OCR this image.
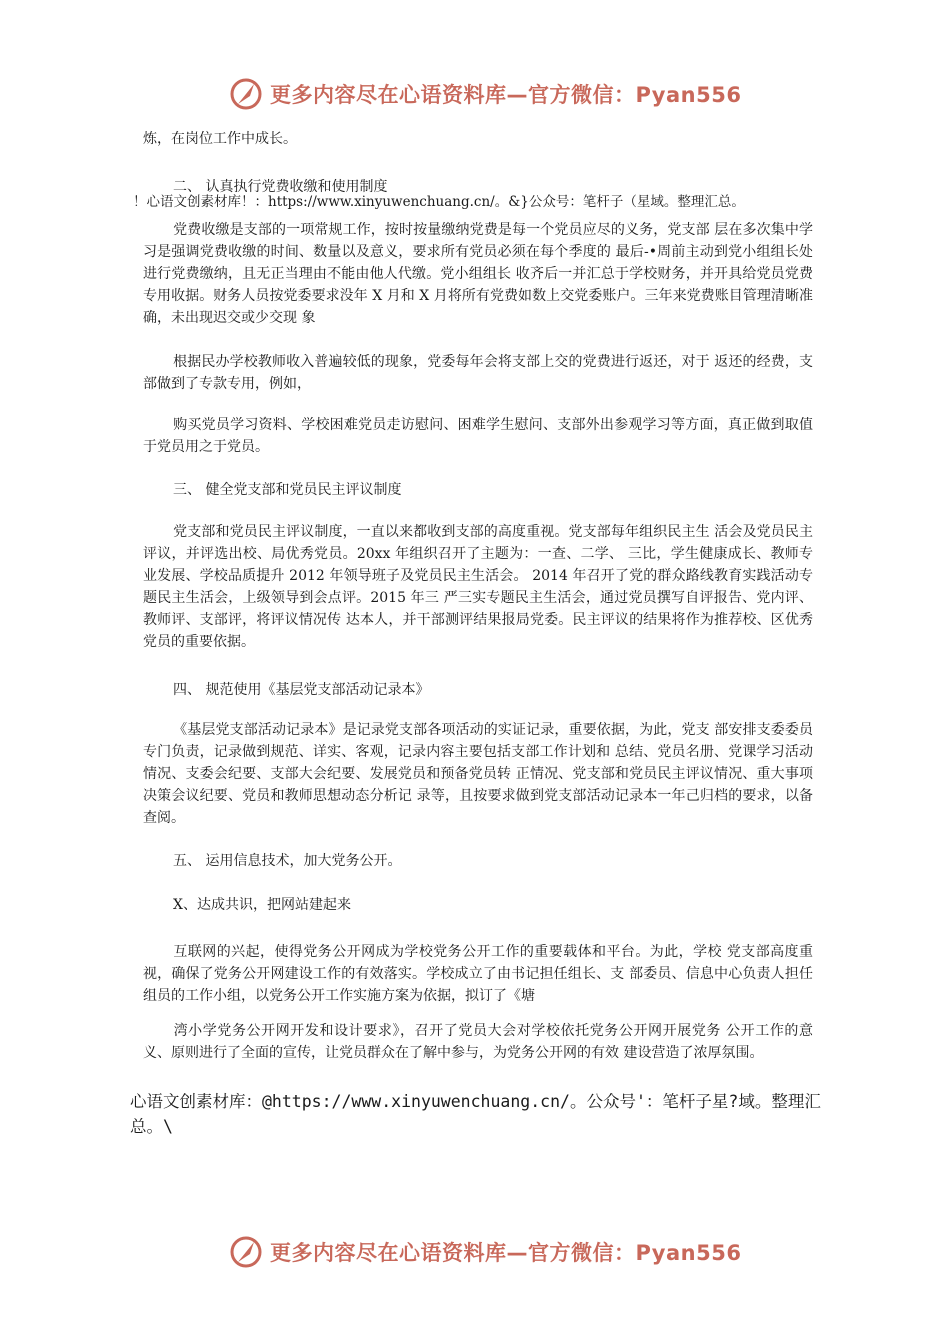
更多内容尽在心语资料库—官方微信：Pyan556
炼，在岗位工作中成长。
二、 认真执行党费收缴和使用制度
！心语文创素材库！：https://www.xinyuwenchuang.cn/。&}公众号：笔杆子（星域。整理汇总。
党费收缴是支部的一项常规工作，按时按量缴纳党费是每一个党员应尽的义务，党支部 层在多次集中学习是强调党费收缴的时间、数量以及意义，要求所有党员必须在每个季度的 最后-•周前主动到党小组组长处进行党费缴纳，且无正当理由不能由他人代缴。党小组组长 收齐后一并汇总于学校财务，并开具给党员党费专用收据。财务人员按党委要求没年 X 月和 X 月将所有党费如数上交党委账户。三年来党费账目管理清晰准确，未出现迟交或少交现 象
根据民办学校教师收入普遍较低的现象，党委每年会将支部上交的党费进行返还，对于 返还的经费，支部做到了专款专用，例如，
购买党员学习资料、学校困难党员走访慰问、困难学生慰问、支部外出参观学习等方面，真正做到取值于党员用之于党员。
三、 健全党支部和党员民主评议制度
党支部和党员民主评议制度，一直以来都收到支部的高度重视。党支部每年组织民主生 活会及党员民主评议，并评选出校、局优秀党员。20xx 年组织召开了主题为：一查、二学、 三比，学生健康成长、教师专业发展、学校品质提升 2012 年领导班子及党员民主生活会。 2014 年召开了党的群众路线教育实践活动专题民主生活会，上级领导到会点评。2015 年三 严三实专题民主生活会，通过党员撰写自评报告、党内评、教师评、支部评，将评议情况传 达本人，并干部测评结果报局党委。民主评议的结果将作为推荐校、区优秀党员的重要依据。
四、 规范使用《基层党支部活动记录本》
《基层党支部活动记录本》是记录党支部各项活动的实证记录，重要依据，为此，党支 部安排支委委员专门负责，记录做到规范、详实、客观，记录内容主要包括支部工作计划和 总结、党员名册、党课学习活动情况、支委会纪要、支部大会纪要、发展党员和预备党员转 正情况、党支部和党员民主评议情况、重大事项决策会议纪要、党员和教师思想动态分析记 录等，且按要求做到党支部活动记录本一年己归档的要求，以备查阅。
五、 运用信息技术，加大党务公开。
X、达成共识，把网站建起来
互联网的兴起，使得党务公开网成为学校党务公开工作的重要载体和平台。为此，学校 党支部高度重视，确保了党务公开网建设工作的有效落实。学校成立了由书记担任组长、支 部委员、信息中心负责人担任组员的工作小组，以党务公开工作实施方案为依据，拟订了《塘
湾小学党务公开网开发和设计要求》，召开了党员大会对学校依托党务公开网开展党务 公开工作的意义、原则进行了全面的宣传，让党员群众在了解中参与，为党务公开网的有效 建设营造了浓厚氛围。
心语文创素材库：@https://www.xinyuwenchuang.cn/。公众号'：笔杆子星?域。整理汇总。\
更多内容尽在心语资料库—官方微信：Pyan556
